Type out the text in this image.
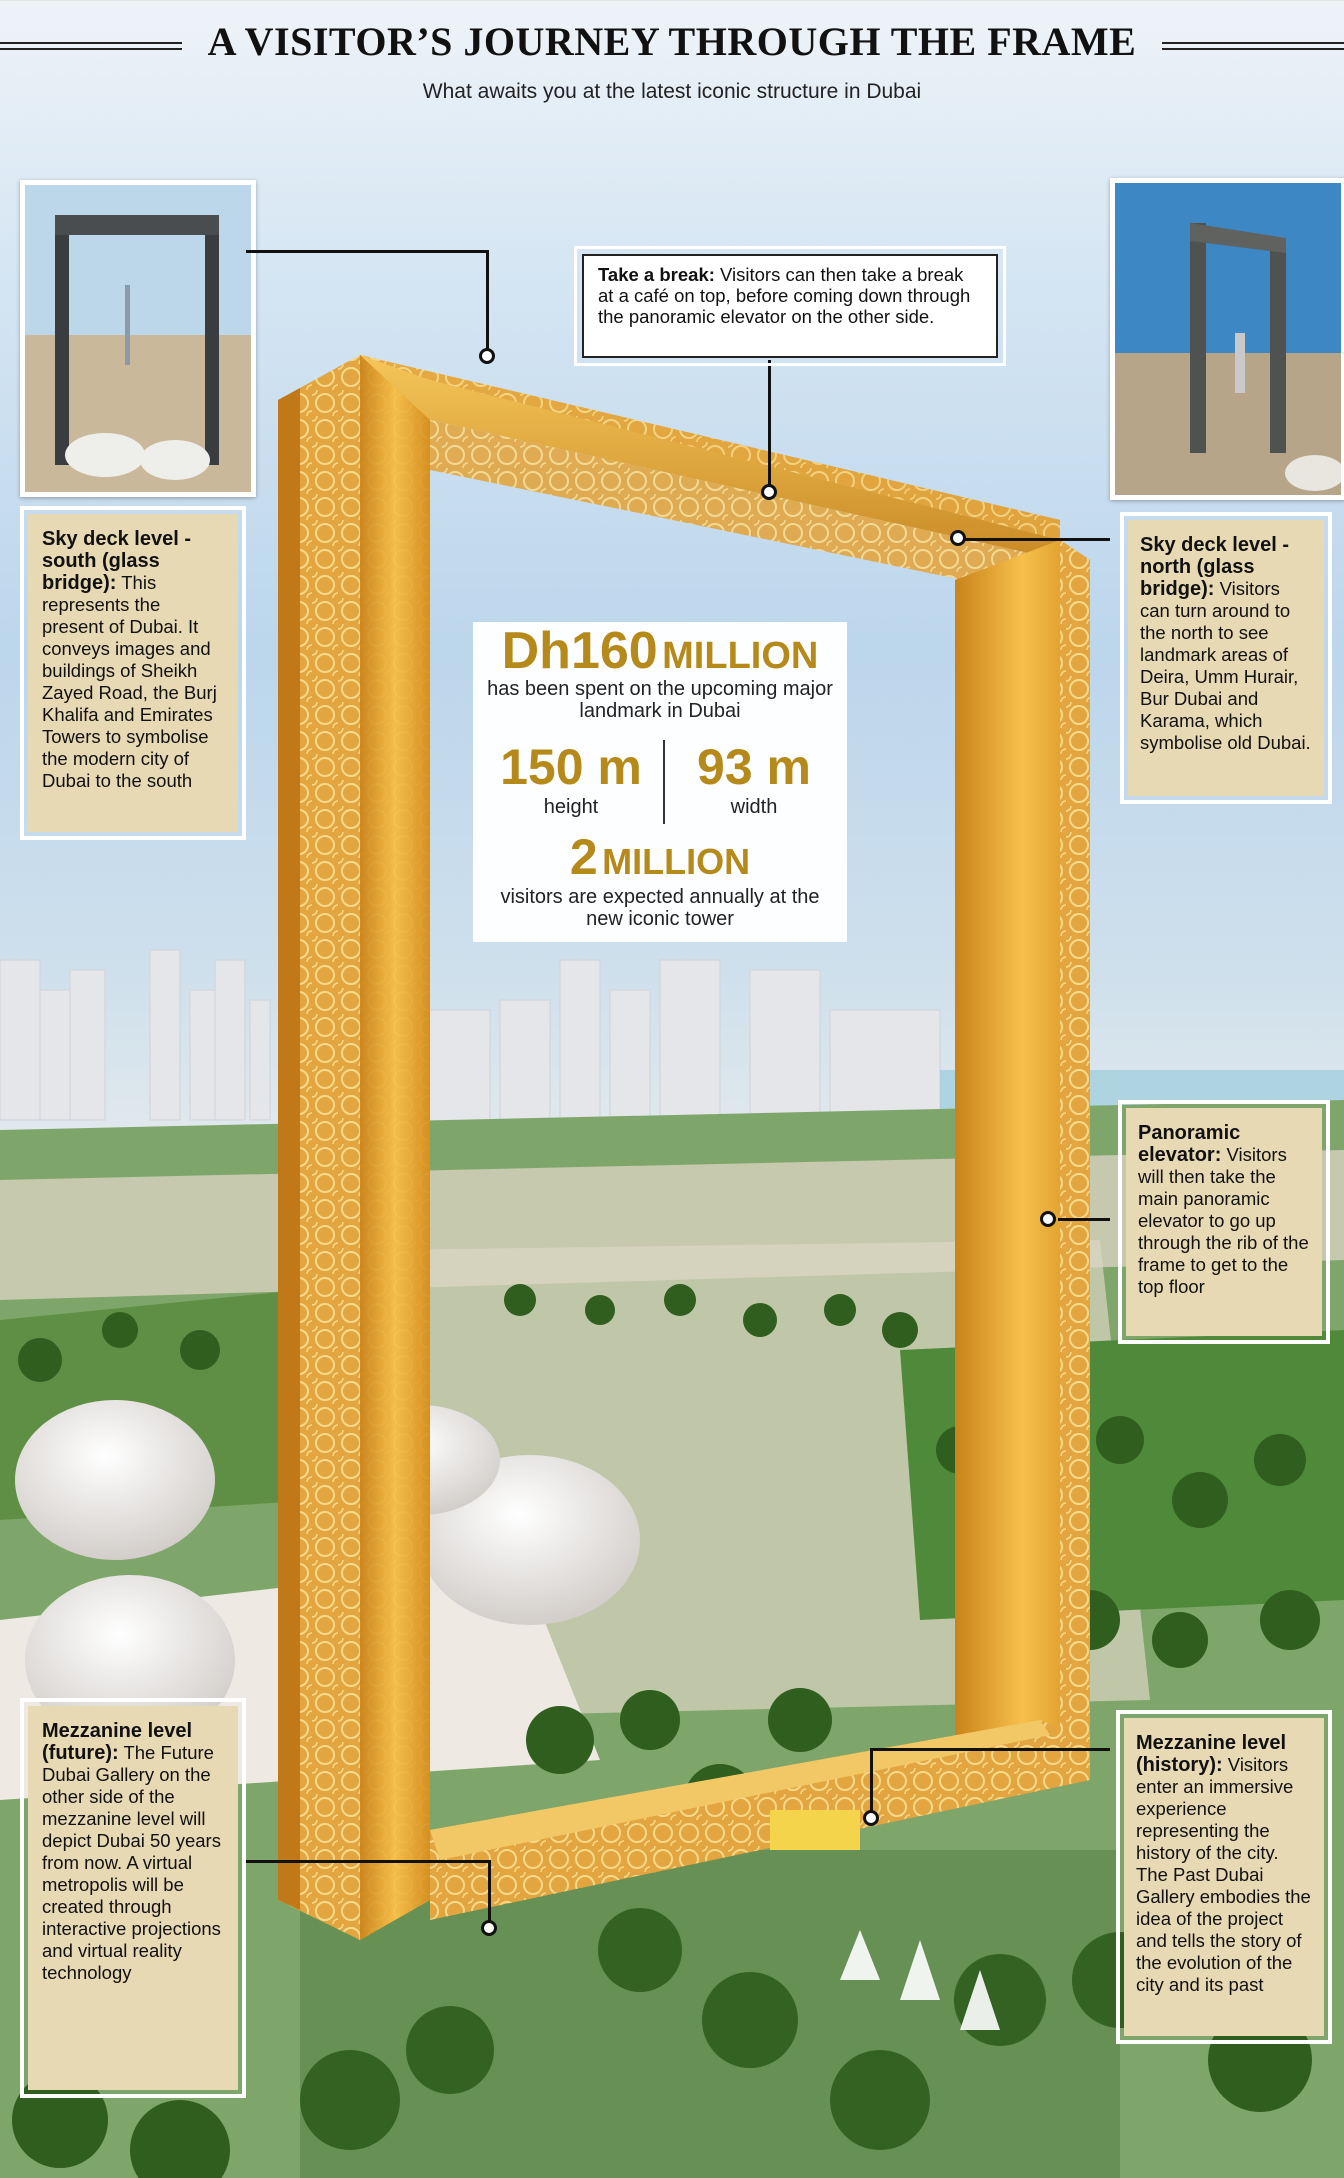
A VISITOR’S JOURNEY THROUGH THE FRAME
What awaits you at the latest iconic structure in Dubai
Take a break: Visitors can then take a break at a café on top, before coming down through the panoramic elevator on the other side.
Sky deck level - south (glass bridge): This represents the present of Dubai. It conveys images and buildings of Sheikh Zayed Road, the Burj Khalifa and Emirates Towers to symbolise the modern city of Dubai to the south
Sky deck level - north (glass bridge): Visitors can turn around to the north to see landmark areas of Deira, Umm Hurair, Bur Dubai and Karama, which symbolise old Dubai.
Panoramic elevator: Visitors will then take the main panoramic elevator to go up through the rib of the frame to get to the top floor
Mezzanine level (future): The Future Dubai Gallery on the other side of the mezzanine level will depict Dubai 50 years from now. A virtual metropolis will be created through interactive projections and virtual reality technology
Mezzanine level (history): Visitors enter an immersive experience representing the history of the city. The Past Dubai Gallery embodies the idea of the project and tells the story of the evolution of the city and its past
Dh160 MILLION
has been spent on the upcoming major landmark in Dubai
150 m
height
93 m
width
2 MILLION
visitors are expected annually at the new iconic tower
